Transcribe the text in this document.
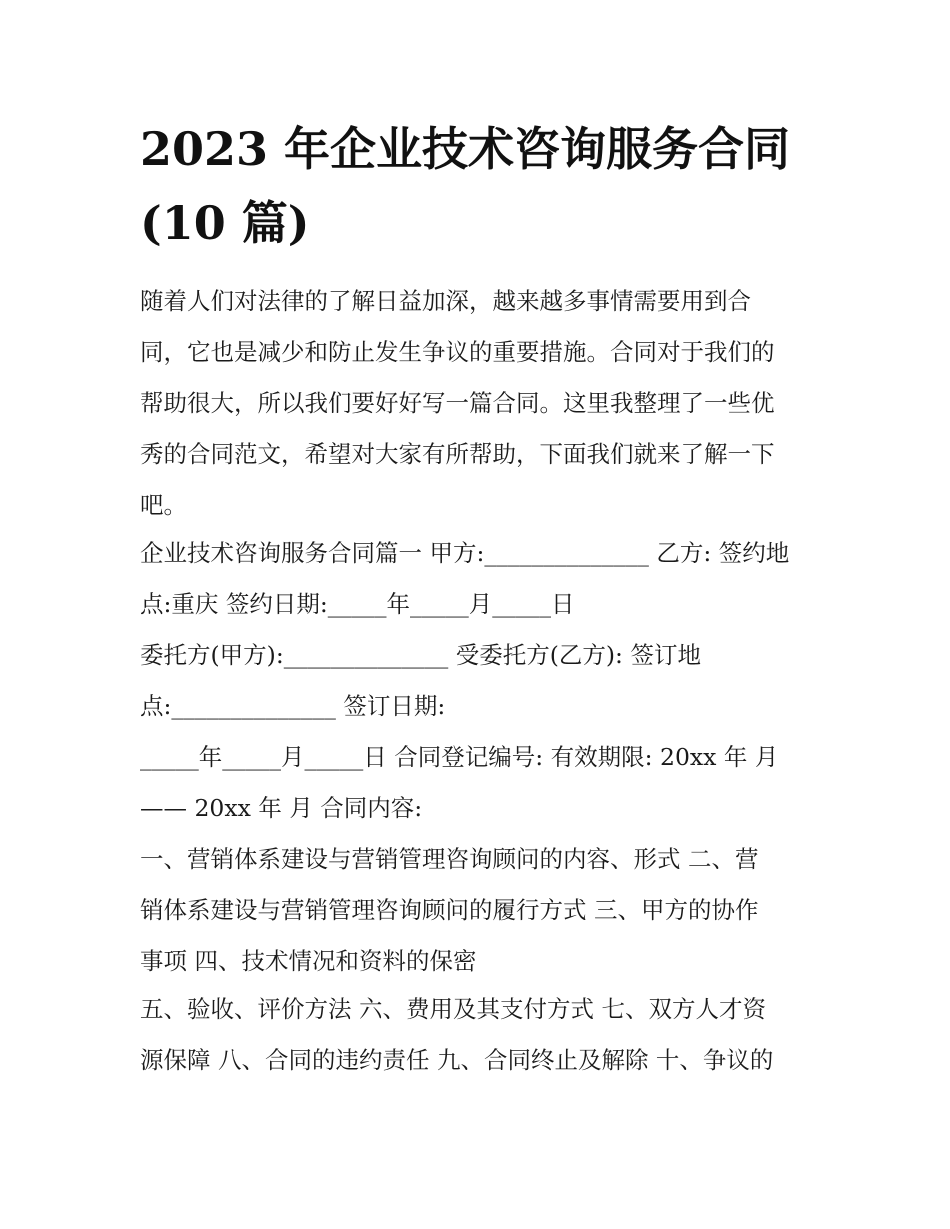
2023 年企业技术咨询服务合同
(10 篇)

随着人们对法律的了解日益加深，越来越多事情需要用到合

同，它也是减少和防止发生争议的重要措施。合同对于我们的

帮助很大，所以我们要好好写一篇合同。这里我整理了一些优

秀的合同范文，希望对大家有所帮助，下面我们就来了解一下

吧。

企业技术咨询服务合同篇一 甲方:______________ 乙方: 签约地

点:重庆 签约日期:_____年_____月_____日

委托方(甲方):______________ 受委托方(乙方): 签订地

点:______________ 签订日期:

_____年_____月_____日 合同登记编号: 有效期限: 20xx 年 月

—— 20xx 年 月 合同内容:

一、营销体系建设与营销管理咨询顾问的内容、形式 二、营

销体系建设与营销管理咨询顾问的履行方式 三、甲方的协作

事项 四、技术情况和资料的保密

五、验收、评价方法 六、费用及其支付方式 七、双方人才资

源保障 八、合同的违约责任 九、合同终止及解除 十、争议的
